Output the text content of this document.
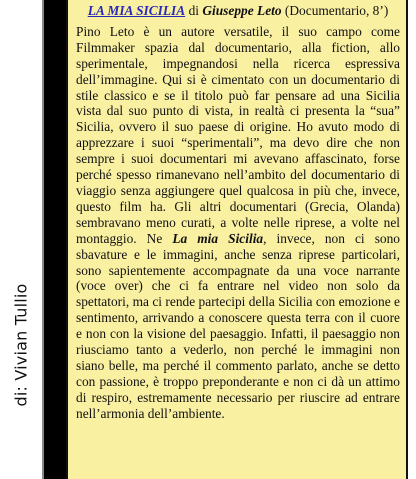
di: Vivian Tullio
LA MIA SICILIA di Giuseppe Leto (Documentario, 8’)

Pino Leto è un autore versatile, il suo campo come Filmmaker spazia dal documentario, alla fiction, allo sperimentale, impegnandosi nella ricerca espressiva dell’immagine. Qui si è cimentato con un documentario di stile classico e se il titolo può far pensare ad una Sicilia vista dal suo punto di vista, in realtà ci presenta la “sua” Sicilia, ovvero il suo paese di origine. Ho avuto modo di apprezzare i suoi “sperimentali”, ma devo dire che non sempre i suoi documentari mi avevano affascinato, forse perché spesso rimanevano nell’ambito del documentario di viaggio senza aggiungere quel qualcosa in più che, invece, questo film ha. Gli altri documentari (Grecia, Olanda) sembravano meno curati, a volte nelle riprese, a volte nel montaggio. Ne La mia Sicilia, invece, non ci sono sbavature e le immagini, anche senza riprese particolari, sono sapientemente accompagnate da una voce narrante (voce over) che ci fa entrare nel video non solo da spettatori, ma ci rende partecipi della Sicilia con emozione e sentimento, arrivando a conoscere questa terra con il cuore e non con la visione del paesaggio. Infatti, il paesaggio non riusciamo tanto a vederlo, non perché le immagini non siano belle, ma perché il commento parlato, anche se detto con passione, è troppo preponderante e non ci dà un attimo di respiro, estremamente necessario per riuscire ad entrare nell’armonia dell’ambiente.
